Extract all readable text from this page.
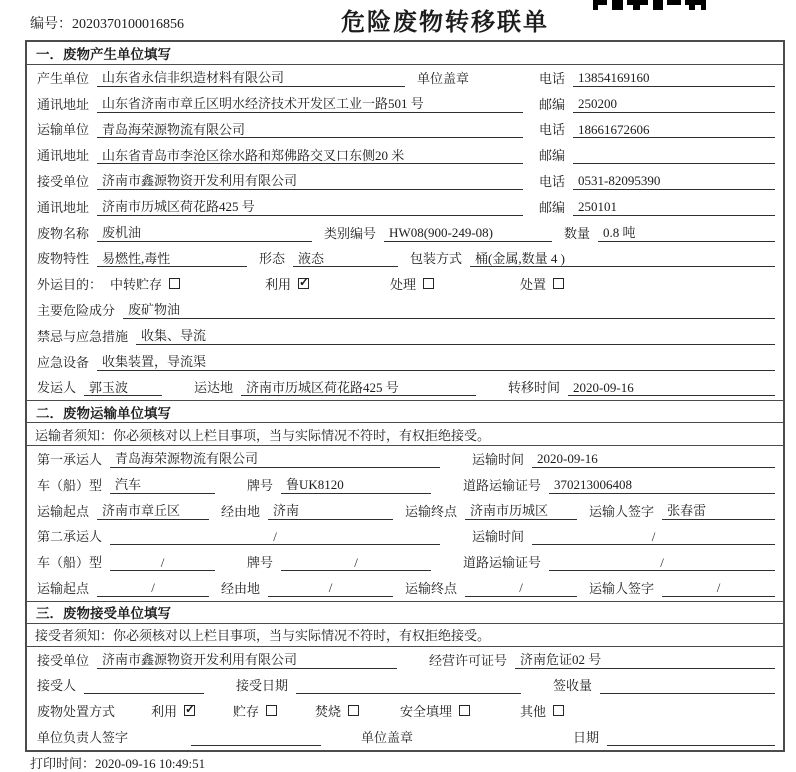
编号：2020370100016856	危险废物转移联单
一．废物产生单位填写
产生单位	山东省永信非织造材料有限公司	单位盖章	电话	13854169160
通讯地址	山东省济南市章丘区明水经济技术开发区工业一路501 号	邮编	250200
运输单位	青岛海荣源物流有限公司	电话	18661672606
通讯地址	山东省青岛市李沧区徐水路和郑佛路交叉口东侧20 米	邮编
接受单位	济南市鑫源物资开发利用有限公司	电话	0531-82095390
通讯地址	济南市历城区荷花路425 号	邮编	250101
废物名称	废机油	类别编号	HW08(900-249-08)	数量	0.8 吨
废物特性	易燃性,毒性	形态	液态	包装方式	桶(金属,数量 4 )
外运目的： 中转贮存	利用 ✓	处理	处置
主要危险成分	废矿物油
禁忌与应急措施	收集、导流
应急设备	收集装置，导流渠
发运人	郭玉波	运达地	济南市历城区荷花路425 号	转移时间	2020-09-16
二．废物运输单位填写
运输者须知：你必须核对以上栏目事项，当与实际情况不符时，有权拒绝接受。
第一承运人	青岛海荣源物流有限公司	运输时间	2020-09-16
车（船）型	汽车	牌号	鲁UK8120	道路运输证号	370213006408
运输起点	济南市章丘区	经由地	济南	运输终点	济南市历城区	运输人签字	张春雷
第二承运人	/	运输时间	/
车（船）型	/	牌号	/	道路运输证号	/
运输起点	/	经由地	/	运输终点	/	运输人签字	/
三．废物接受单位填写
接受者须知：你必须核对以上栏目事项，当与实际情况不符时，有权拒绝接受。
接受单位	济南市鑫源物资开发利用有限公司	经营许可证号	济南危证02 号
接受人	接受日期	签收量
废物处置方式	利用 ✓	贮存	焚烧	安全填埋	其他
单位负责人签字	单位盖章	日期
打印时间：2020-09-16 10:49:51
